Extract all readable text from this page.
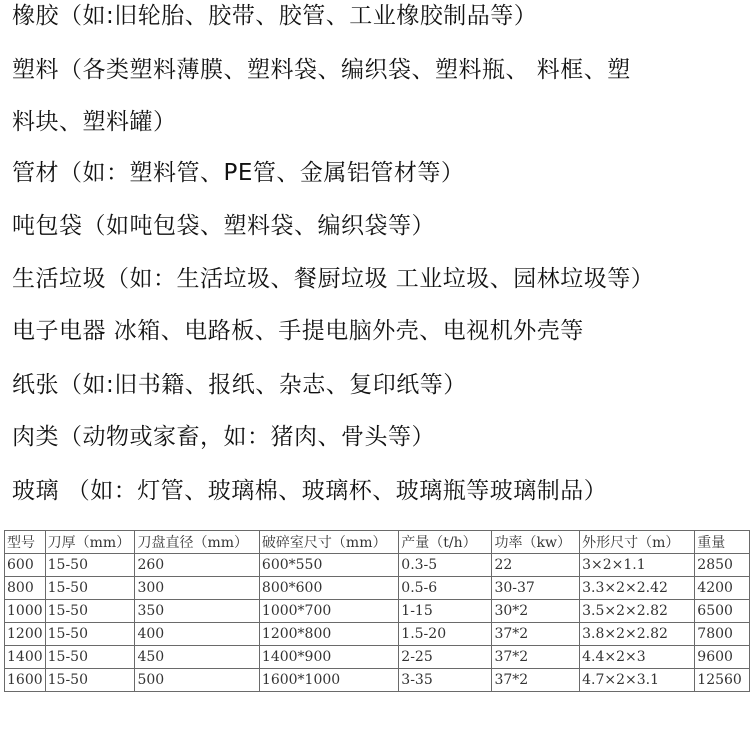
橡胶（如:旧轮胎、胶带、胶管、工业橡胶制品等）
塑料（各类塑料薄膜、塑料袋、编织袋、塑料瓶、 料框、塑
料块、塑料罐）
管材（如：塑料管、PE管、金属铝管材等）
吨包袋（如吨包袋、塑料袋、编织袋等）
生活垃圾（如：生活垃圾、餐厨垃圾 工业垃圾、园林垃圾等）
电子电器 冰箱、电路板、手提电脑外壳、电视机外壳等
纸张（如:旧书籍、报纸、杂志、复印纸等）
肉类（动物或家畜，如：猪肉、骨头等）
玻璃 （如：灯管、玻璃棉、玻璃杯、玻璃瓶等玻璃制品）
型号	刀厚（mm）	刀盘直径（mm）	破碎室尺寸（mm）	产量（t/h）	功率（kw）	外形尺寸（m）	重量
600	15-50	260	600*550	0.3-5	22	3×2×1.1	2850
800	15-50	300	800*600	0.5-6	30-37	3.3×2×2.42	4200
1000	15-50	350	1000*700	1-15	30*2	3.5×2×2.82	6500
1200	15-50	400	1200*800	1.5-20	37*2	3.8×2×2.82	7800
1400	15-50	450	1400*900	2-25	37*2	4.4×2×3	9600
1600	15-50	500	1600*1000	3-35	37*2	4.7×2×3.1	12560
